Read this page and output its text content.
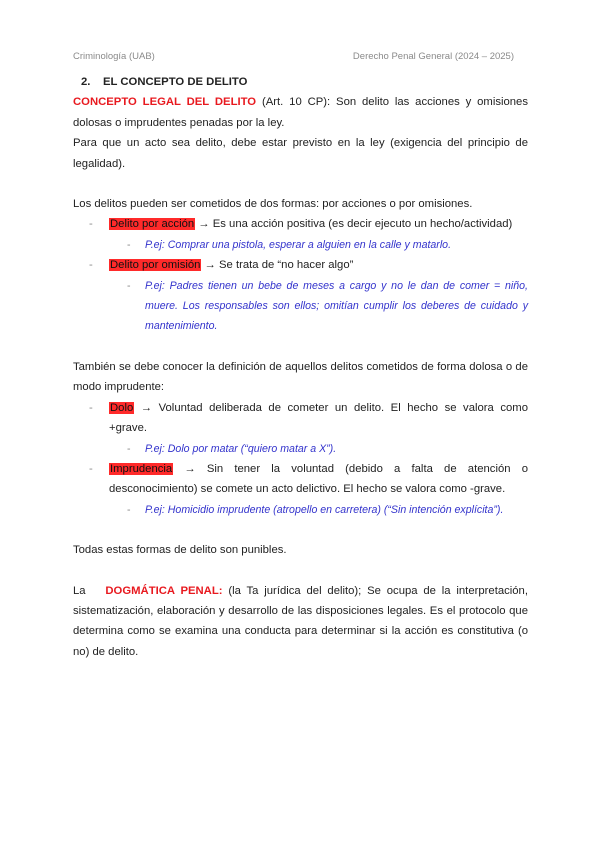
Criminología (UAB)	Derecho Penal General (2024 – 2025)

2. EL CONCEPTO DE DELITO

CONCEPTO LEGAL DEL DELITO (Art. 10 CP): Son delito las acciones y omisiones dolosas o imprudentes penadas por la ley.

Para que un acto sea delito, debe estar previsto en la ley (exigencia del principio de legalidad).

Los delitos pueden ser cometidos de dos formas: por acciones o por omisiones.

- Delito por acción → Es una acción positiva (es decir ejecuto un hecho/actividad)
- P.ej: Comprar una pistola, esperar a alguien en la calle y matarlo.
- Delito por omisión → Se trata de “no hacer algo”
- P.ej: Padres tienen un bebe de meses a cargo y no le dan de comer = niño, muere. Los responsables son ellos; omitían cumplir los deberes de cuidado y mantenimiento.

También se debe conocer la definición de aquellos delitos cometidos de forma dolosa o de modo imprudente:

- Dolo → Voluntad deliberada de cometer un delito. El hecho se valora como +grave.
- P.ej: Dolo por matar (“quiero matar a X”).
- Imprudencia → Sin tener la voluntad (debido a falta de atención o desconocimiento) se comete un acto delictivo. El hecho se valora como -grave.
- P.ej: Homicidio imprudente (atropello en carretera) (“Sin intención explícita”).

Todas estas formas de delito son punibles.

La DOGMÁTICA PENAL: (la Ta jurídica del delito); Se ocupa de la interpretación, sistematización, elaboración y desarrollo de las disposiciones legales. Es el protocolo que determina como se examina una conducta para determinar si la acción es constitutiva (o no) de delito.
